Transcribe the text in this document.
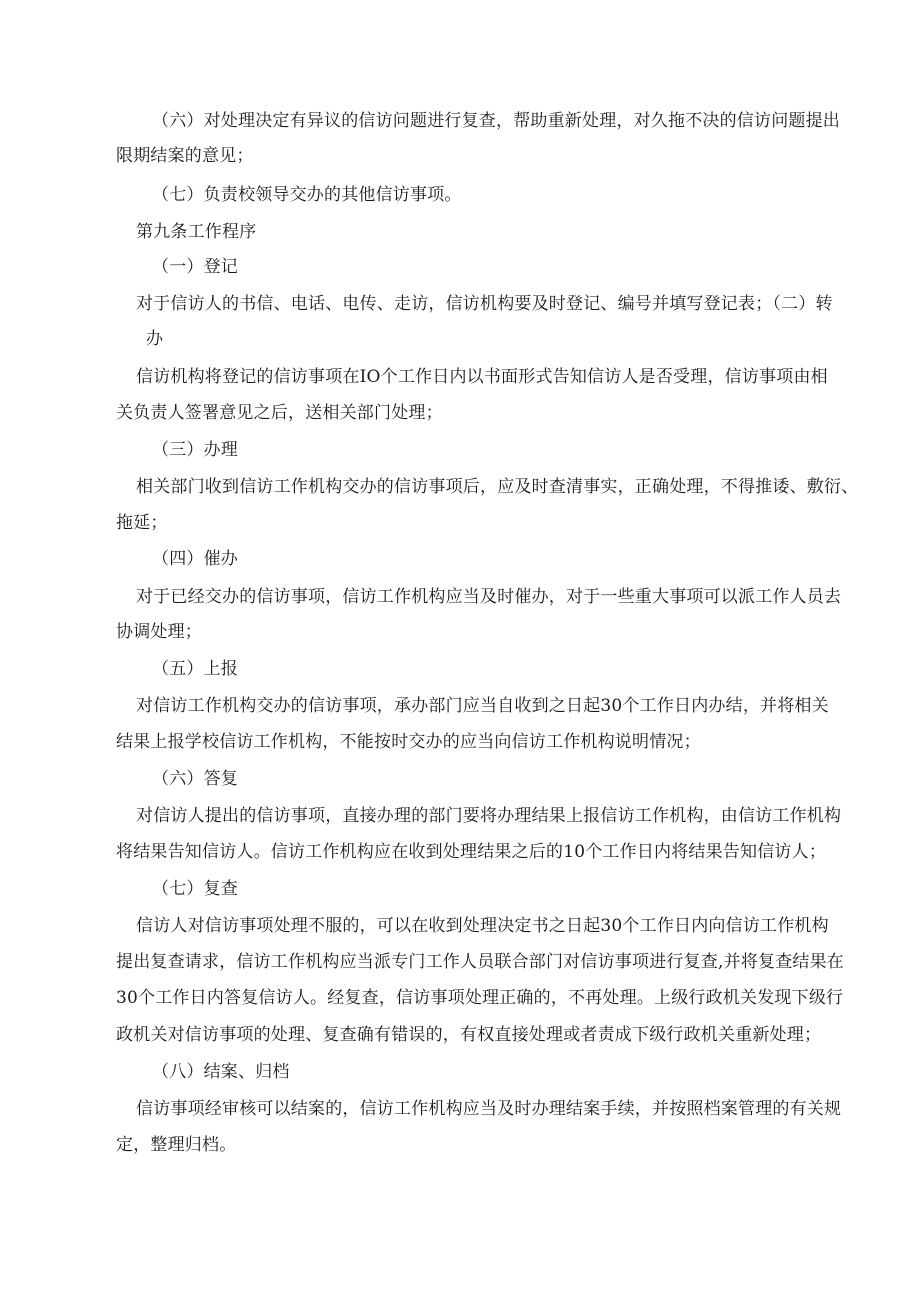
（六）对处理决定有异议的信访问题进行复查，帮助重新处理，对久拖不决的信访问题提出
限期结案的意见；
（七）负责校领导交办的其他信访事项。
第九条工作程序
（一）登记
对于信访人的书信、电话、电传、走访，信访机构要及时登记、编号并填写登记表；（二）转
办
信访机构将登记的信访事项在IO个工作日内以书面形式告知信访人是否受理，信访事项由相
关负责人签署意见之后，送相关部门处理；
（三）办理
相关部门收到信访工作机构交办的信访事项后，应及时查清事实，正确处理，不得推诿、敷衍、
拖延；
（四）催办
对于已经交办的信访事项，信访工作机构应当及时催办，对于一些重大事项可以派工作人员去
协调处理；
（五）上报
对信访工作机构交办的信访事项，承办部门应当自收到之日起30个工作日内办结，并将相关
结果上报学校信访工作机构，不能按时交办的应当向信访工作机构说明情况；
（六）答复
对信访人提出的信访事项，直接办理的部门要将办理结果上报信访工作机构，由信访工作机构
将结果告知信访人。信访工作机构应在收到处理结果之后的10个工作日内将结果告知信访人；
（七）复查
信访人对信访事项处理不服的，可以在收到处理决定书之日起30个工作日内向信访工作机构
提出复查请求，信访工作机构应当派专门工作人员联合部门对信访事项进行复查,并将复查结果在
30个工作日内答复信访人。经复查，信访事项处理正确的，不再处理。上级行政机关发现下级行
政机关对信访事项的处理、复查确有错误的，有权直接处理或者责成下级行政机关重新处理；
（八）结案、归档
信访事项经审核可以结案的，信访工作机构应当及时办理结案手续，并按照档案管理的有关规
定，整理归档。
